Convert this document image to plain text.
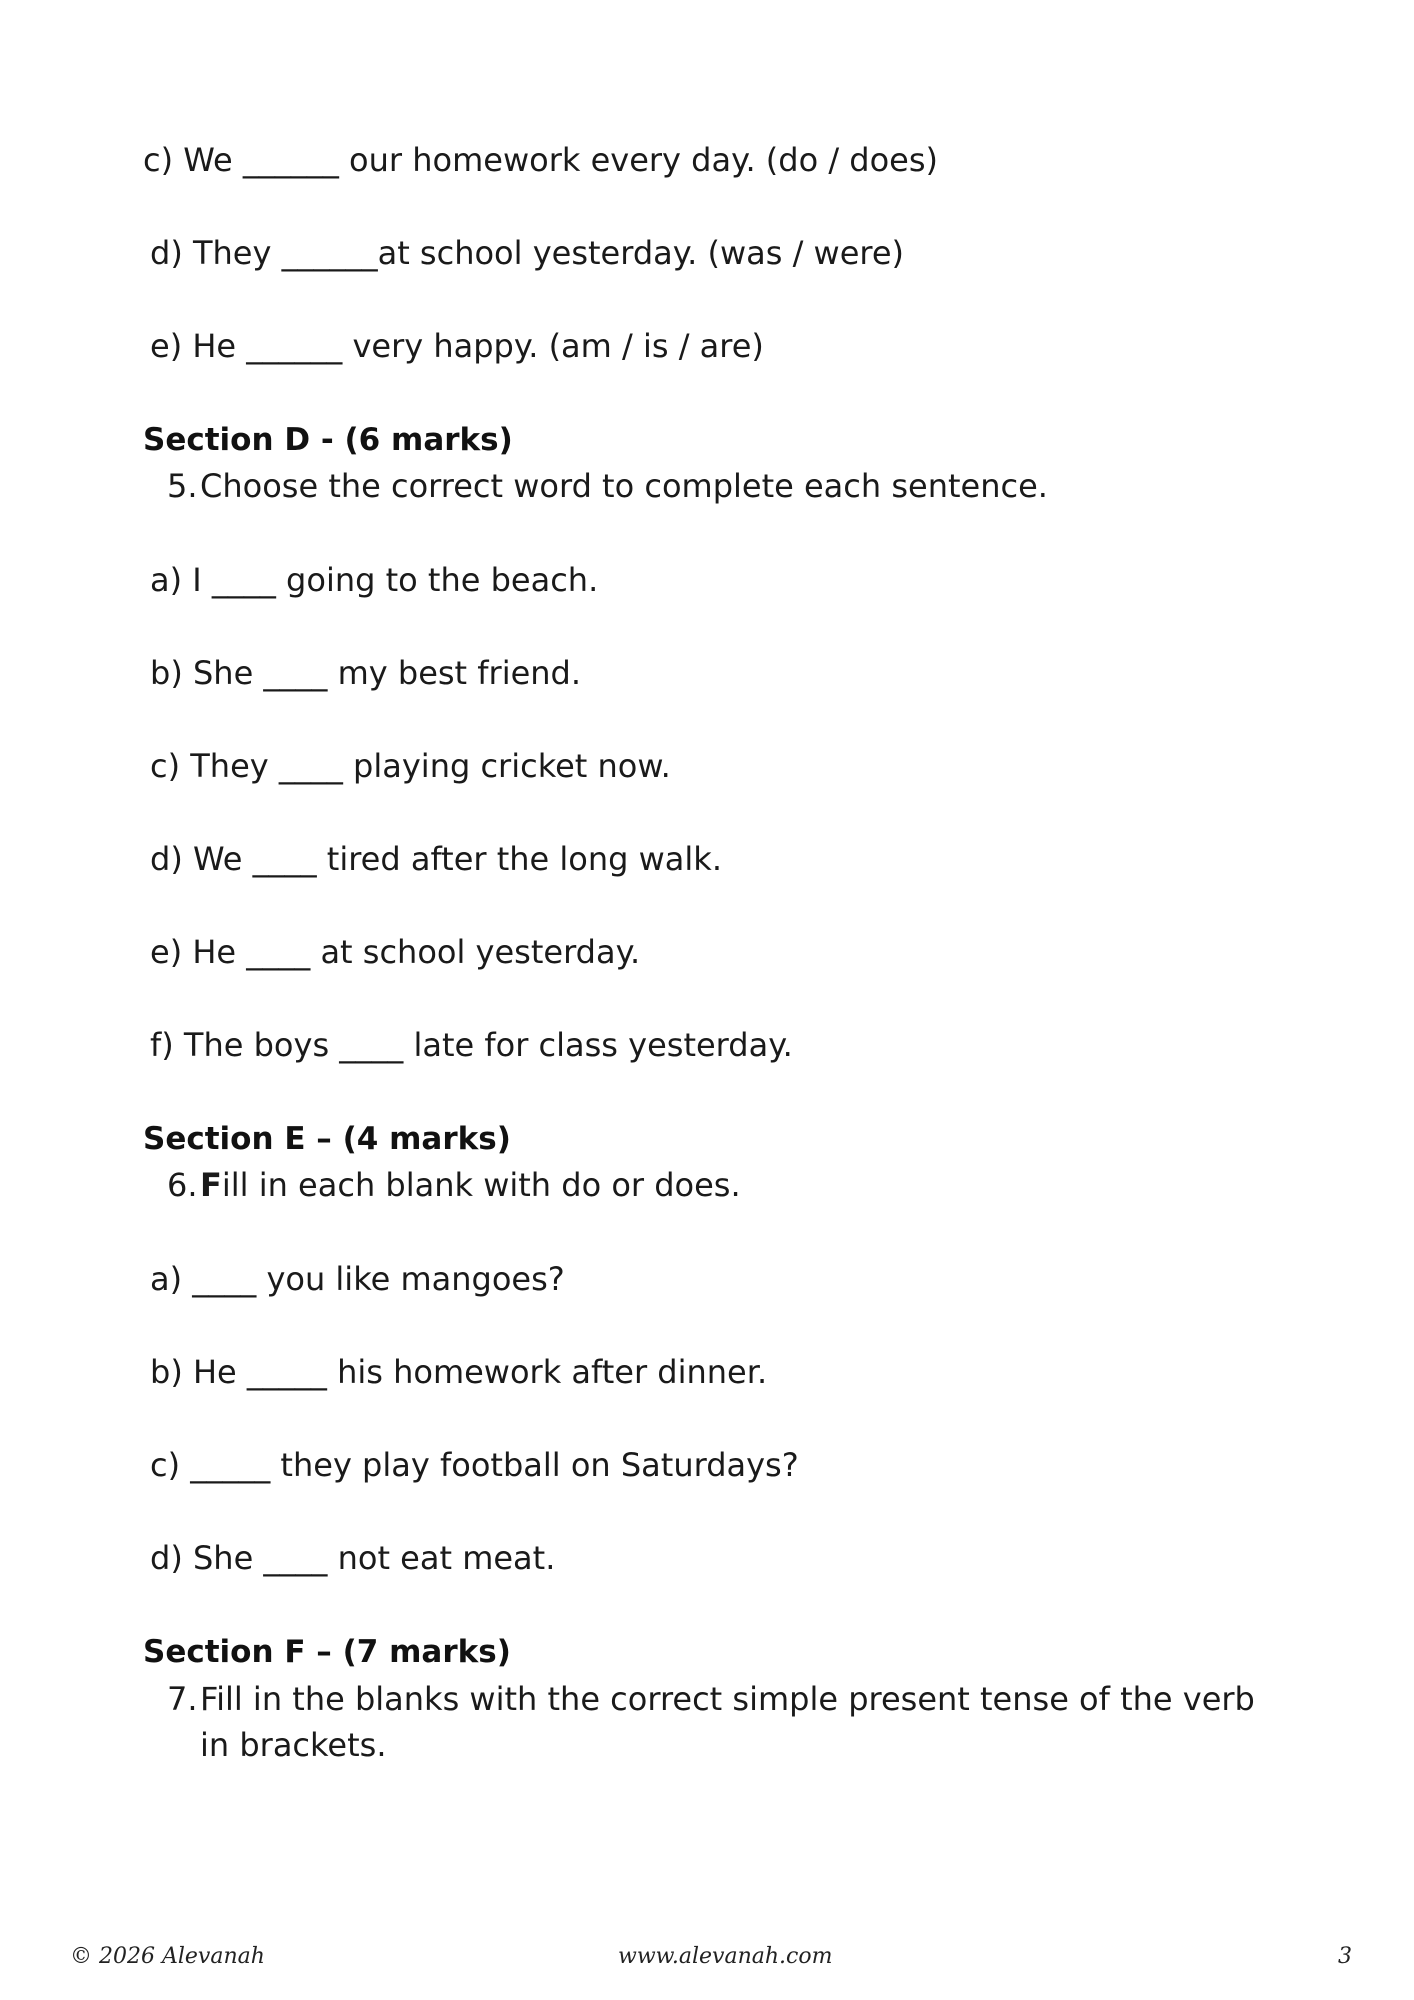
c) We ______ our homework every day. (do / does)

d) They ______at school yesterday. (was / were)

e) He ______ very happy. (am / is / are)

Section D - (6 marks)

5.Choose the correct word to complete each sentence.

a) I ____ going to the beach.

b) She ____ my best friend.

c) They ____ playing cricket now.

d) We ____ tired after the long walk.

e) He ____ at school yesterday.

f) The boys ____ late for class yesterday.

Section E – (4 marks)

6.Fill in each blank with do or does.

a) ____ you like mangoes?

b) He _____ his homework after dinner.

c) _____ they play football on Saturdays?

d) She ____ not eat meat.

Section F – (7 marks)

7.Fill in the blanks with the correct simple present tense of the verb

in brackets.

© 2026 Alevanah	www.alevanah.com	3
